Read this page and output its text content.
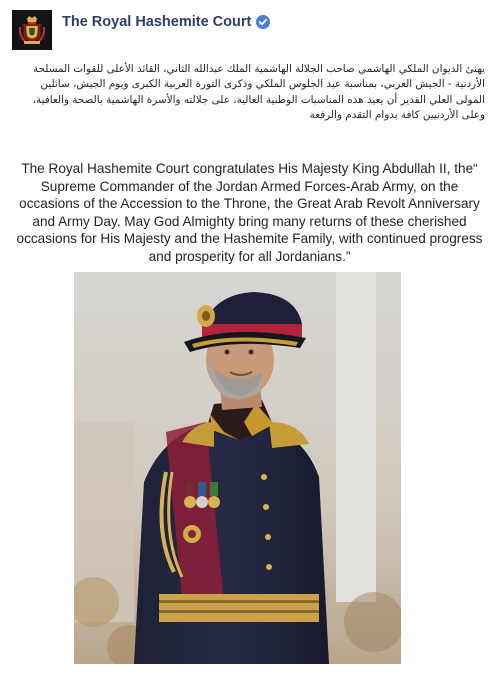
The Royal Hashemite Court

يهنئ الديوان الملكي الهاشمي صاحب الجلالة الهاشمية الملك عبدالله الثاني، القائد الأعلى للقوات المسلحة الأردنية - الجيش العربي، بمناسبة عيد الجلوس الملكي وذكرى الثورة العربية الكبرى ويوم الجيش، سائلين المولى العلي القدير أن يعيد هذه المناسبات الوطنية الغالية، على جلالته والأسرة الهاشمية بالصحة والعافية، وعلى الأردنيين كافة بدوام التقدم والرفعة

The Royal Hashemite Court congratulates His Majesty King Abdullah II, the“ Supreme Commander of the Jordan Armed Forces-Arab Army, on the occasions of the Accession to the Throne, the Great Arab Revolt Anniversary and Army Day. May God Almighty bring many returns of these cherished occasions for His Majesty and the Hashemite Family, with continued progress and prosperity for all Jordanians.”
